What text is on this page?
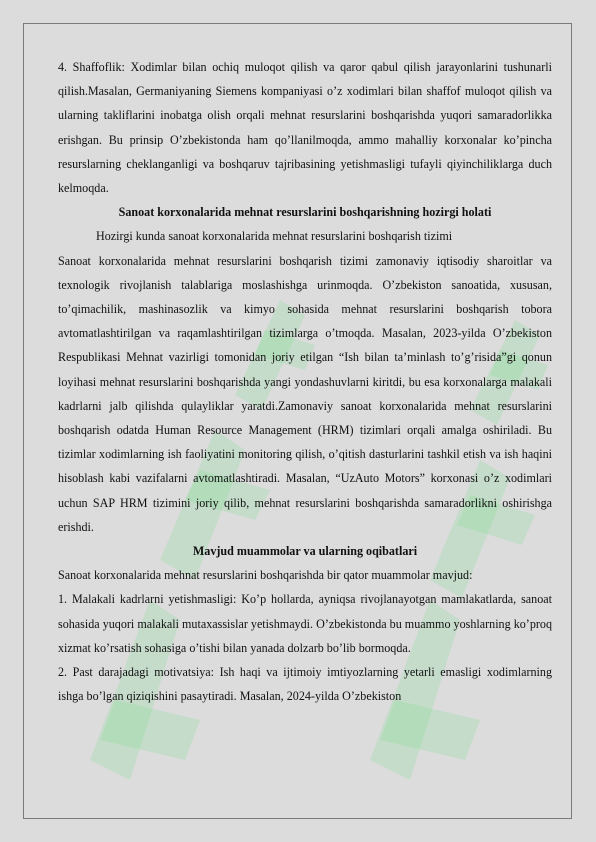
4. Shaffoflik: Xodimlar bilan ochiq muloqot qilish va qaror qabul qilish jarayonlarini tushunarli qilish.Masalan, Germaniyaning Siemens kompaniyasi o’z xodimlari bilan shaffof muloqot qilish va ularning takliflarini inobatga olish orqali mehnat resurslarini boshqarishda yuqori samaradorlikka erishgan. Bu prinsip O’zbekistonda ham qo’llanilmoqda, ammo mahalliy korxonalar ko’pincha resurslarning cheklanganligi va boshqaruv tajribasining yetishmasligi tufayli qiyinchiliklarga duch kelmoqda.

Sanoat korxonalarida mehnat resurslarini boshqarishning hozirgi holati

Hozirgi kunda sanoat korxonalarida mehnat resurslarini boshqarish tizimi

Sanoat korxonalarida mehnat resurslarini boshqarish tizimi zamonaviy iqtisodiy sharoitlar va texnologik rivojlanish talablariga moslashishga urinmoqda. O’zbekiston sanoatida, xususan, to’qimachilik, mashinasozlik va kimyo sohasida mehnat resurslarini boshqarish tobora avtomatlashtirilgan va raqamlashtirilgan tizimlarga o’tmoqda. Masalan, 2023-yilda O’zbekiston Respublikasi Mehnat vazirligi tomonidan joriy etilgan “Ish bilan ta’minlash to’g’risida”gi qonun loyihasi mehnat resurslarini boshqarishda yangi yondashuvlarni kiritdi, bu esa korxonalarga malakali kadrlarni jalb qilishda qulayliklar yaratdi.Zamonaviy sanoat korxonalarida mehnat resurslarini boshqarish odatda Human Resource Management (HRM) tizimlari orqali amalga oshiriladi. Bu tizimlar xodimlarning ish faoliyatini monitoring qilish, o’qitish dasturlarini tashkil etish va ish haqini hisoblash kabi vazifalarni avtomatlashtiradi. Masalan, “UzAuto Motors” korxonasi o’z xodimlari uchun SAP HRM tizimini joriy qilib, mehnat resurslarini boshqarishda samaradorlikni oshirishga erishdi.

Mavjud muammolar va ularning oqibatlari

Sanoat korxonalarida mehnat resurslarini boshqarishda bir qator muammolar mavjud:

1. Malakali kadrlarni yetishmasligi: Ko’p hollarda, ayniqsa rivojlanayotgan mamlakatlarda, sanoat sohasida yuqori malakali mutaxassislar yetishmaydi. O’zbekistonda bu muammo yoshlarning ko’proq xizmat ko’rsatish sohasiga o’tishi bilan yanada dolzarb bo’lib bormoqda.

2. Past darajadagi motivatsiya: Ish haqi va ijtimoiy imtiyozlarning yetarli emasligi xodimlarning ishga bo’lgan qiziqishini pasaytiradi. Masalan, 2024-yilda O’zbekiston
